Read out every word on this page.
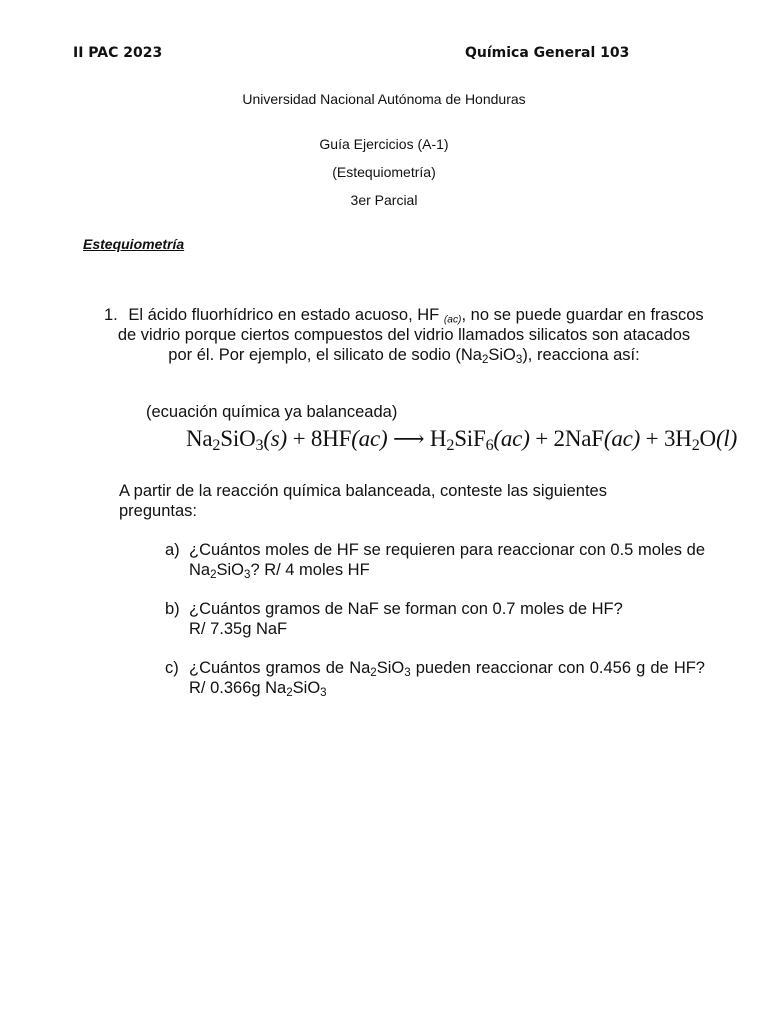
II PAC 2023	Química General 103
Universidad Nacional Autónoma de Honduras
Guía Ejercicios (A-1)
(Estequiometría)
3er Parcial
Estequiometría
1. El ácido fluorhídrico en estado acuoso, HF $_{(ac)}$, no se puede guardar en frascos de vidrio porque ciertos compuestos del vidrio llamados silicatos son atacados por él. Por ejemplo, el silicato de sodio $(Na_2SiO_3)$, reacciona así:

(ecuación química ya balanceada)
$Na_2SiO_3(s) + 8HF(ac)$ ⟶ $H_2SiF_6(ac) + 2NaF(ac) + 3H_2O(l)$
A partir de la reacción química balanceada, conteste las siguientes preguntas:
a) ¿Cuántos moles de HF se requieren para reaccionar con 0.5 moles de $Na_2SiO_3$? R/ 4 moles HF
b) ¿Cuántos gramos de NaF se forman con 0.7 moles de HF?
R/ 7.35g NaF
c) ¿Cuántos gramos de $Na_2SiO_3$ pueden reaccionar con 0.456 g de HF? R/ 0.366g $Na_2SiO_3$
